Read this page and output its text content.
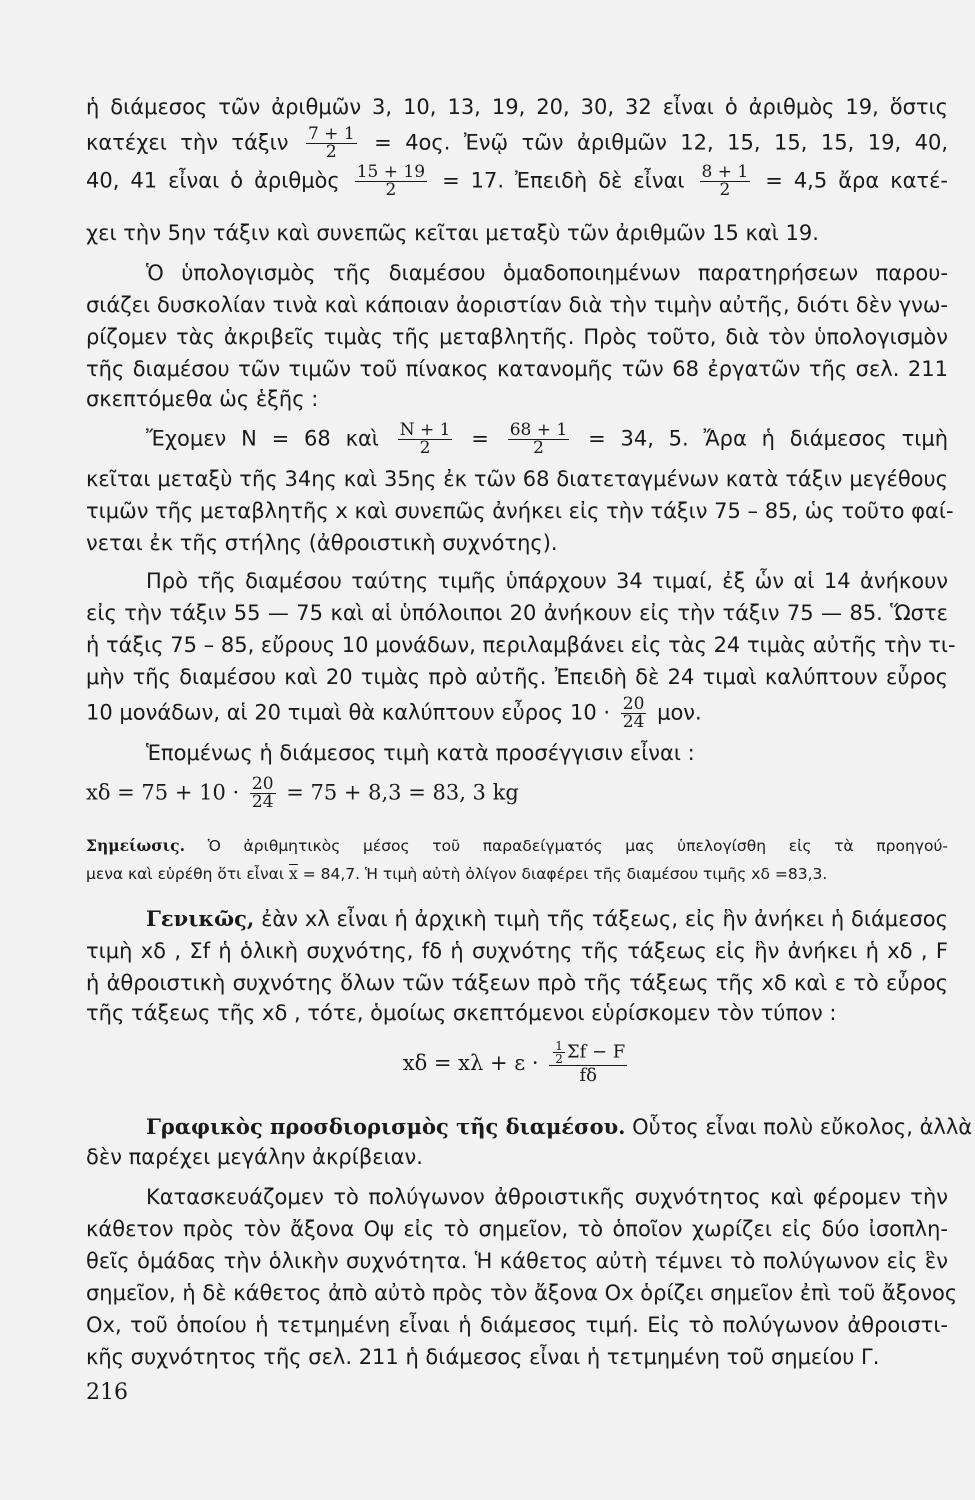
ἡ διάμεσος τῶν ἀριθμῶν 3, 10, 13, 19, 20, 30, 32 εἶναι ὁ ἀριθμὸς 19, ὅστις
κατέχει τὴν τάξιν $\frac{7 + 1}{2} = 4o\varsigma$. Ἐνῷ τῶν ἀριθμῶν 12, 15, 15, 15, 19, 40,
40, 41 εἶναι ὁ ἀριθμὸς $\frac{15 + 19}{2} = 17$. Ἐπειδὴ δὲ εἶναι $\frac{8 + 1}{2} = 4,5$ ἄρα κατέ-
χει τὴν 5ην τάξιν καὶ συνεπῶς κεῖται μεταξὺ τῶν ἀριθμῶν 15 καὶ 19.
Ὁ ὑπολογισμὸς τῆς διαμέσου ὁμαδοποιημένων παρατηρήσεων παρου-
σιάζει δυσκολίαν τινὰ καὶ κάποιαν ἀοριστίαν διὰ τὴν τιμὴν αὐτῆς, διότι δὲν γνω-
ρίζομεν τὰς ἀκριβεῖς τιμὰς τῆς μεταβλητῆς. Πρὸς τοῦτο, διὰ τὸν ὑπολογισμὸν
τῆς διαμέσου τῶν τιμῶν τοῦ πίνακος κατανομῆς τῶν 68 ἐργατῶν τῆς σελ. 211
σκεπτόμεθα ὡς ἑξῆς :
Ἔχομεν N = 68 καὶ $\frac{N + 1}{2} = \frac{68 + 1}{2} = 34$, 5. Ἄρα ἡ διάμεσος τιμὴ
κεῖται μεταξὺ τῆς 34ης καὶ 35ης ἐκ τῶν 68 διατεταγμένων κατὰ τάξιν μεγέθους
τιμῶν τῆς μεταβλητῆς x καὶ συνεπῶς ἀνήκει εἰς τὴν τάξιν 75 – 85, ὡς τοῦτο φαί-
νεται ἐκ τῆς στήλης (ἀθροιστικὴ συχνότης).
Πρὸ τῆς διαμέσου ταύτης τιμῆς ὑπάρχουν 34 τιμαί, ἐξ ὧν αἱ 14 ἀνήκουν
εἰς τὴν τάξιν 55 — 75 καὶ αἱ ὑπόλοιποι 20 ἀνήκουν εἰς τὴν τάξιν 75 — 85. Ὥστε
ἡ τάξις 75 – 85, εὔρους 10 μονάδων, περιλαμβάνει εἰς τὰς 24 τιμὰς αὐτῆς τὴν τι-
μὴν τῆς διαμέσου καὶ 20 τιμὰς πρὸ αὐτῆς. Ἐπειδὴ δὲ 24 τιμαὶ καλύπτουν εὖρος
10 μονάδων, αἱ 20 τιμαὶ θὰ καλύπτουν εὖρος $10 \cdot \frac{20}{24} \mu o\nu$.
Ἑπομένως ἡ διάμεσος τιμὴ κατὰ προσέγγισιν εἶναι :
$x\delta = 75 + 10 \cdot \frac{20}{24} = 75 + 8,3 = 83$, 3 kg
Σημείωσις. Ὁ ἀριθμητικὸς μέσος τοῦ παραδείγματός μας ὑπελογίσθη εἰς τὰ προηγού-
μενα καὶ εὑρέθη ὅτι εἶναι $\overline{x} = 84,7$. Ἡ τιμὴ αὐτὴ ὀλίγον διαφέρει τῆς διαμέσου τιμῆς xδ =83,3.
Γενικῶς, ἐὰν xλ εἶναι ἡ ἀρχικὴ τιμὴ τῆς τάξεως, εἰς ἣν ἀνήκει ἡ διάμεσος
τιμὴ xδ , Σf ἡ ὁλικὴ συχνότης, fδ ἡ συχνότης τῆς τάξεως εἰς ἣν ἀνήκει ἡ xδ , F
ἡ ἀθροιστικὴ συχνότης ὅλων τῶν τάξεων πρὸ τῆς τάξεως τῆς xδ καὶ ε τὸ εὖρος
τῆς τάξεως τῆς xδ , τότε, ὁμοίως σκεπτόμενοι εὑρίσκομεν τὸν τύπον :
$x\delta = x\lambda + \varepsilon \cdot \frac{\frac{1}{2} \Sigma f - F}{f\delta}$
Γραφικὸς προσδιορισμὸς τῆς διαμέσου. Οὗτος εἶναι πολὺ εὔκολος, ἀλλὰ
δὲν παρέχει μεγάλην ἀκρίβειαν.
Κατασκευάζομεν τὸ πολύγωνον ἀθροιστικῆς συχνότητος καὶ φέρομεν τὴν
κάθετον πρὸς τὸν ἄξονα Οψ εἰς τὸ σημεῖον, τὸ ὁποῖον χωρίζει εἰς δύο ἰσοπλη-
θεῖς ὁμάδας τὴν ὁλικὴν συχνότητα. Ἡ κάθετος αὐτὴ τέμνει τὸ πολύγωνον εἰς ἓν
σημεῖον, ἡ δὲ κάθετος ἀπὸ αὐτὸ πρὸς τὸν ἄξονα Οx ὁρίζει σημεῖον ἐπὶ τοῦ ἄξονος
Οx, τοῦ ὁποίου ἡ τετμημένη εἶναι ἡ διάμεσος τιμή. Εἰς τὸ πολύγωνον ἀθροιστι-
κῆς συχνότητος τῆς σελ. 211 ἡ διάμεσος εἶναι ἡ τετμημένη τοῦ σημείου Γ.
216
